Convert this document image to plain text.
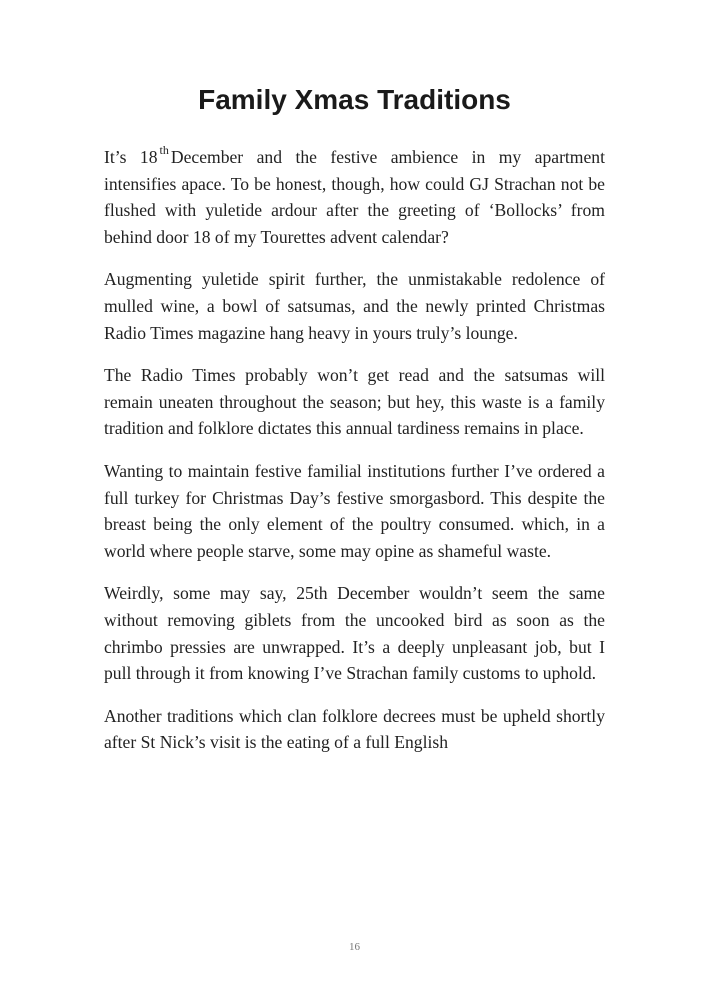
Family Xmas Traditions

It’s 18 $^{th}$ December and the festive ambience in my apartment intensifies apace. To be honest, though, how could GJ Strachan not be flushed with yuletide ardour after the greeting of ‘Bollocks’ from behind door 18 of my Tourettes advent calendar?

Augmenting yuletide spirit further, the unmistakable redolence of mulled wine, a bowl of satsumas, and the newly printed Christmas Radio Times magazine hang heavy in yours truly’s lounge.

The Radio Times probably won’t get read and the satsumas will remain uneaten throughout the season; but hey, this waste is a family tradition and folklore dictates this annual tardiness remains in place.

Wanting to maintain festive familial institutions further I’ve ordered a full turkey for Christmas Day’s festive smorgasbord. This despite the breast being the only element of the poultry consumed. which, in a world where people starve, some may opine as shameful waste.

Weirdly, some may say, 25th December wouldn’t seem the same without removing giblets from the uncooked bird as soon as the chrimbo pressies are unwrapped. It’s a deeply unpleasant job, but I pull through it from knowing I’ve Strachan family customs to uphold.

Another traditions which clan folklore decrees must be upheld shortly after St Nick’s visit is the eating of a full English

16
